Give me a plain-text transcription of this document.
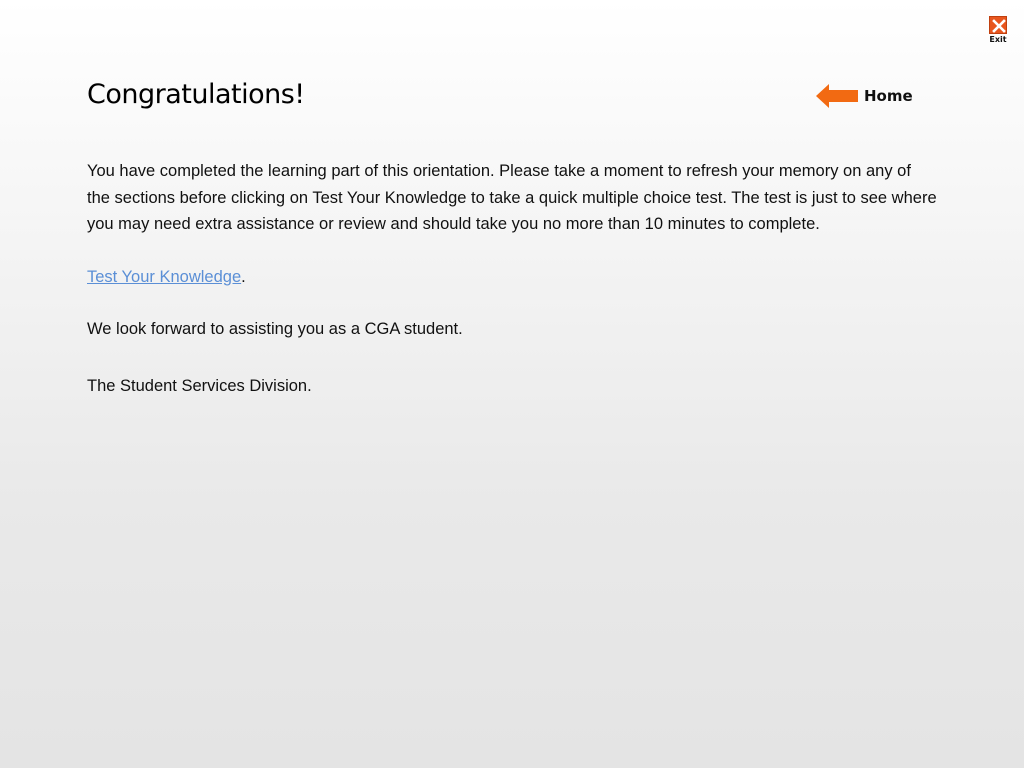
Exit
Congratulations!	Home

You have completed the learning part of this orientation. Please take a moment to refresh your memory on any of the sections before clicking on Test Your Knowledge to take a quick multiple choice test. The test is just to see where you may need extra assistance or review and should take you no more than 10 minutes to complete.

Test Your Knowledge.

We look forward to assisting you as a CGA student.

The Student Services Division.
